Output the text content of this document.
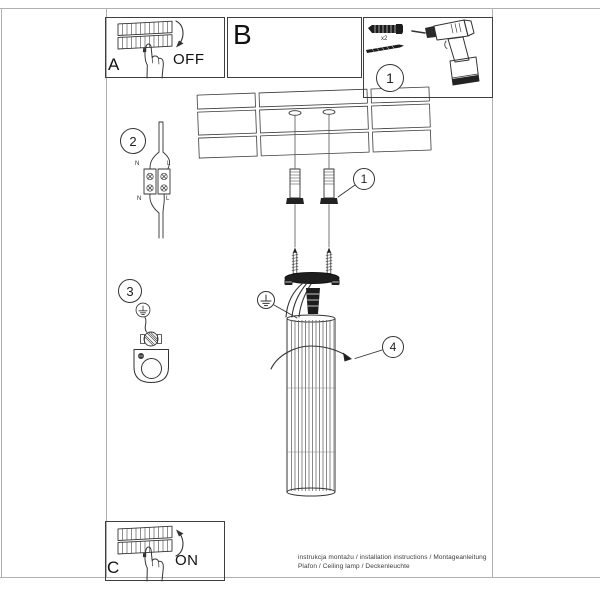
1
1
2
3
4
A	OFF
B
C	ON
x2
N	L
N	L
instrukcja montażu / installation instructions / Montageanleitung
Plafon / Ceiling lamp / Deckenleuchte
